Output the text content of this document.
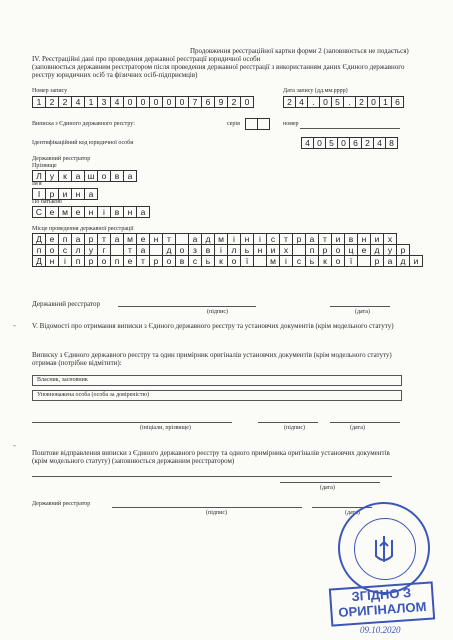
Продовження реєстраційної картки форми 2 (заповнюється не подається)
IV. Реєстраційні дані про проведення державної реєстрації юридичної особи
(заповнюється державним реєстратором після проведення державної реєстрації з використанням даних Єдиного державного реєстру юридичних осіб та фізичних осіб-підприємців)
Номер запису
1 2 2 4 1 3 4 0 0 0 0 0 7 6 9 2 0
Дата запису (дд.мм.рррр)
2 4 . 0 5 . 2 0 1 6
Виписка з Єдиного державного реєстру:	серія	номер
Ідентифікаційний код юридичної особи	4 0 5 0 6 2 4 8
Державний реєстратор
Прізвище
Л у	к	а ш о в а
Ім'я
І	р и н а
По батькові
С е м е н	і	в н а
Місце проведення державної реєстрації
Д е п а р	т	а м е н	т	а д м	і	н	і	с	т	р а	т	и в н и	х
п о	с л у	г	т	а	д о	з	в	і	л ь н и	х	п р о ц е д у	р
Д н	і	п р о п е	т	р о в	с	ь	к	о	ї	м	і	с	ь	к	о	ї	р а д и
Державний реєстратор
(підпис)	(дата)
- V. Відомості про отримання виписки з Єдиного державного реєстру та установчих документів (крім модельного статуту)
Виписку з Єдиного державного реєстру та один примірник оригіналів установчих документів (крім модельного статуту) отримав (потрібне відмітити):
Власник, засновник
Уповноважена особа (особа за довіреністю)
(ініціали, прізвище)	(підпис)	(дата)
-
Поштове відправлення виписки з Єдиного державного реєстру та одного примірника оригіналів установчих документів (крім модельного статуту) (заповнюється державним реєстратором)
(дата)
Державний реєстратор
(підпис)	(дата)
ЗГІДНО З
ОРИГІНАЛОМ
09.10.2020
